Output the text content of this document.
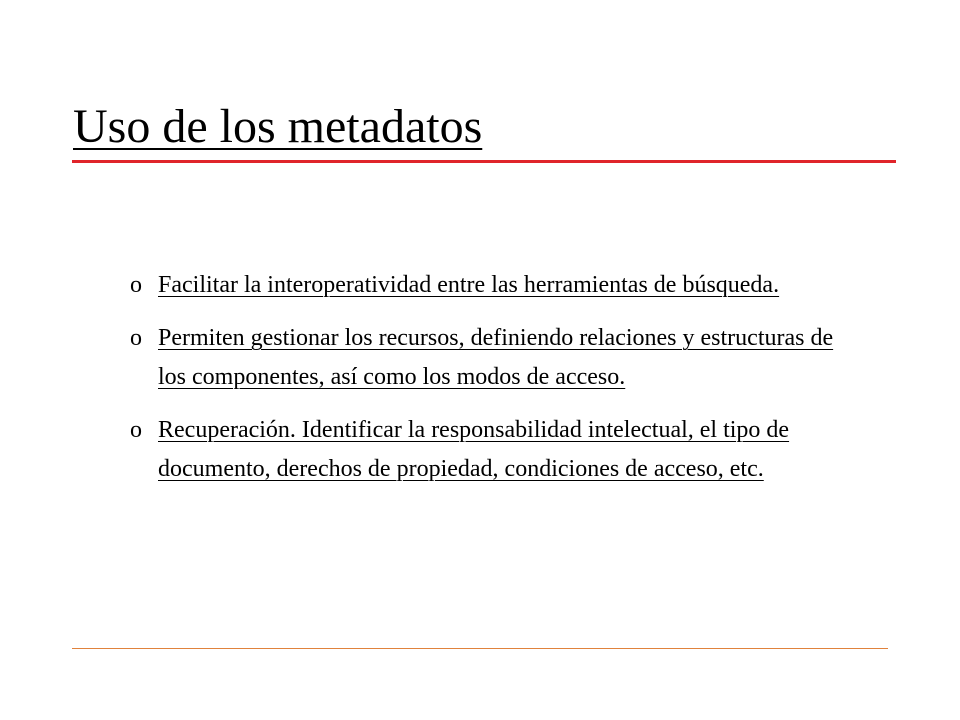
Uso de los metadatos
o Facilitar la interoperatividad entre las herramientas de búsqueda.
o Permiten gestionar los recursos, definiendo relaciones y estructuras de los componentes, así como los modos de acceso.
o Recuperación. Identificar la responsabilidad intelectual, el tipo de documento, derechos de propiedad, condiciones de acceso, etc.
